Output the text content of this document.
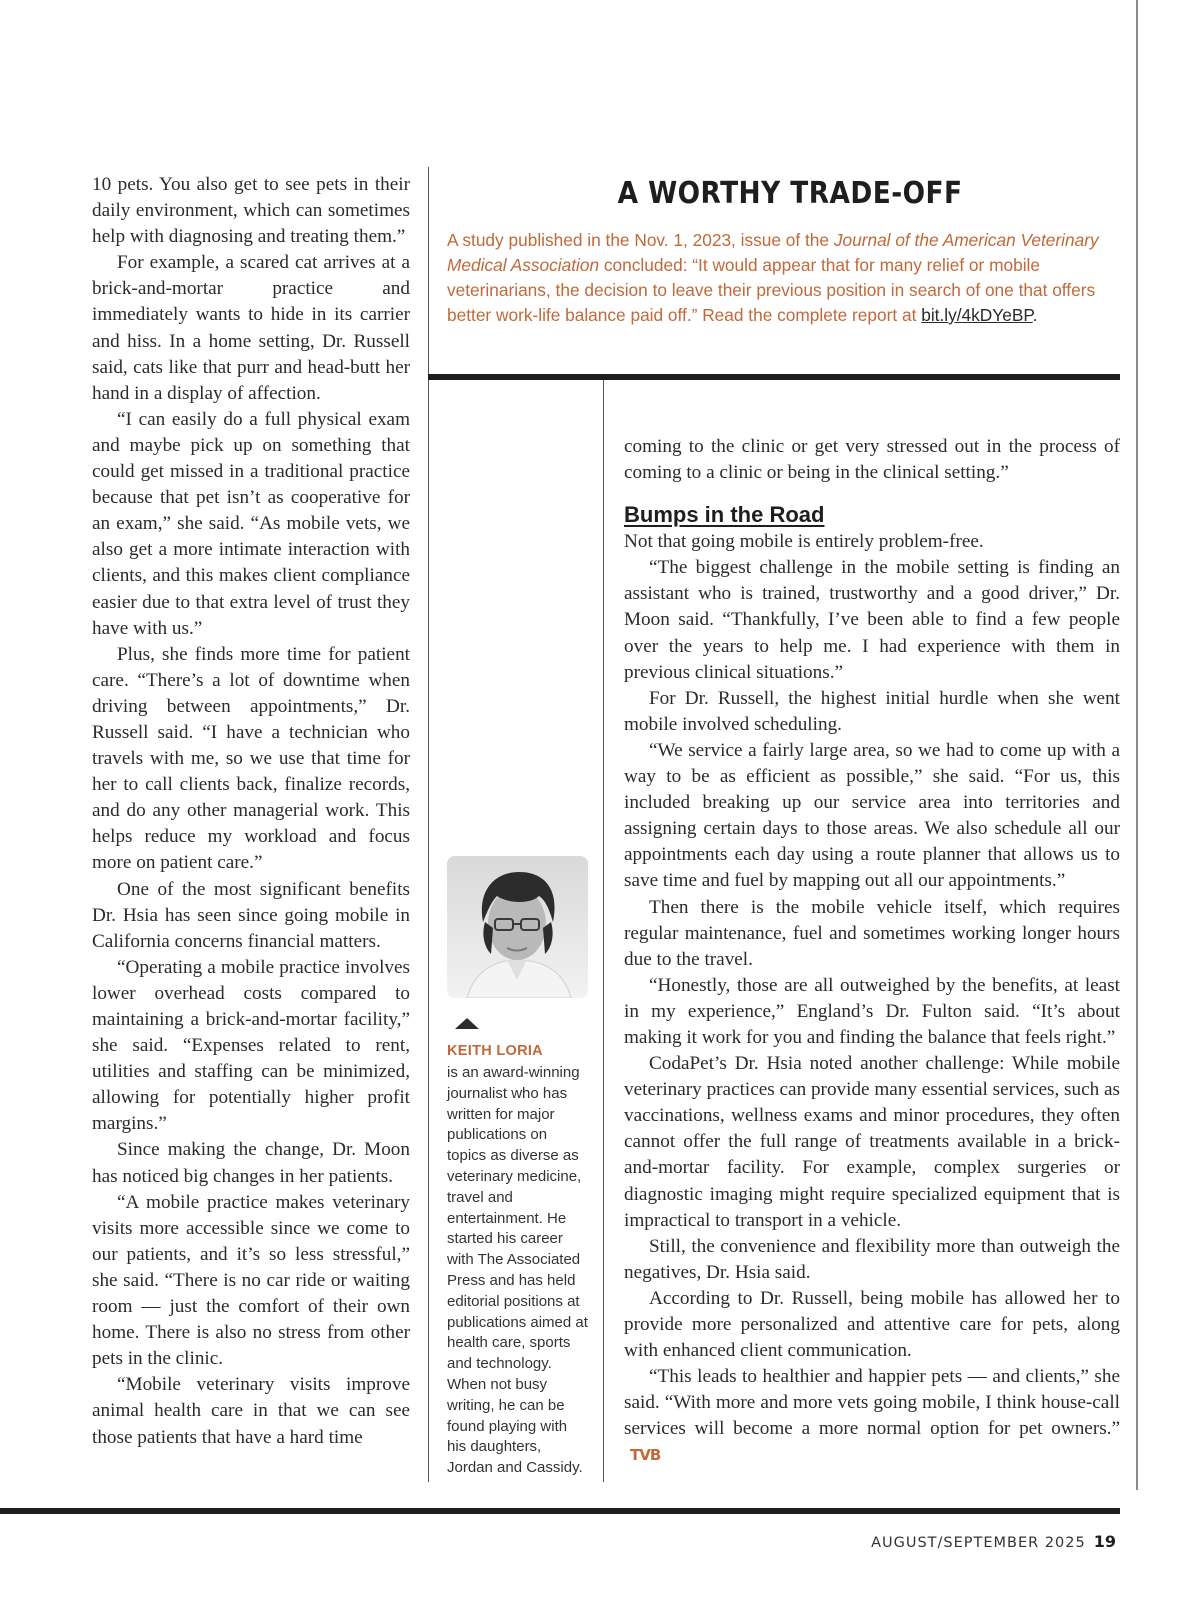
10 pets. You also get to see pets in their daily environment, which can sometimes help with diagnosing and treating them.”

For example, a scared cat arrives at a brick-and-mortar practice and immediately wants to hide in its carrier and hiss. In a home setting, Dr. Russell said, cats like that purr and head-butt her hand in a display of affection.

“I can easily do a full physical exam and maybe pick up on something that could get missed in a traditional practice because that pet isn’t as cooperative for an exam,” she said. “As mobile vets, we also get a more intimate interaction with clients, and this makes client compliance easier due to that extra level of trust they have with us.”

Plus, she finds more time for patient care. “There’s a lot of downtime when driving between appointments,” Dr. Russell said. “I have a technician who travels with me, so we use that time for her to call clients back, finalize records, and do any other managerial work. This helps reduce my workload and focus more on patient care.”

One of the most significant benefits Dr. Hsia has seen since going mobile in California concerns financial matters.

“Operating a mobile practice involves lower overhead costs compared to maintaining a brick-and-mortar facility,” she said. “Expenses related to rent, utilities and staffing can be minimized, allowing for potentially higher profit margins.”

Since making the change, Dr. Moon has noticed big changes in her patients.

“A mobile practice makes veterinary visits more accessible since we come to our patients, and it’s so less stressful,” she said. “There is no car ride or waiting room — just the comfort of their own home. There is also no stress from other pets in the clinic.

“Mobile veterinary visits improve animal health care in that we can see those patients that have a hard time

A WORTHY TRADE-OFF
A study published in the Nov. 1, 2023, issue of the Journal of the American Veterinary Medical Association concluded: “It would appear that for many relief or mobile veterinarians, the decision to leave their previous position in search of one that offers better work-life balance paid off.” Read the complete report at bit.ly/4kDYeBP.
KEITH LORIA
is an award-winning journalist who has written for major publications on topics as diverse as veterinary medicine, travel and entertainment. He started his career with The Associated Press and has held editorial positions at publications aimed at health care, sports and technology. When not busy writing, he can be found playing with his daughters, Jordan and Cassidy.

coming to the clinic or get very stressed out in the process of coming to a clinic or being in the clinical setting.”

Bumps in the Road

Not that going mobile is entirely problem-free.

“The biggest challenge in the mobile setting is finding an assistant who is trained, trustworthy and a good driver,” Dr. Moon said. “Thankfully, I’ve been able to find a few people over the years to help me. I had experience with them in previous clinical situations.”

For Dr. Russell, the highest initial hurdle when she went mobile involved scheduling.

“We service a fairly large area, so we had to come up with a way to be as efficient as possible,” she said. “For us, this included breaking up our service area into territories and assigning certain days to those areas. We also schedule all our appointments each day using a route planner that allows us to save time and fuel by mapping out all our appointments.”

Then there is the mobile vehicle itself, which requires regular maintenance, fuel and sometimes working longer hours due to the travel.

“Honestly, those are all outweighed by the benefits, at least in my experience,” England’s Dr. Fulton said. “It’s about making it work for you and finding the balance that feels right.”

CodaPet’s Dr. Hsia noted another challenge: While mobile veterinary practices can provide many essential services, such as vaccinations, wellness exams and minor procedures, they often cannot offer the full range of treatments available in a brick-and-mortar facility. For example, complex surgeries or diagnostic imaging might require specialized equipment that is impractical to transport in a vehicle.

Still, the convenience and flexibility more than outweigh the negatives, Dr. Hsia said.

According to Dr. Russell, being mobile has allowed her to provide more personalized and attentive care for pets, along with enhanced client communication.

“This leads to healthier and happier pets — and clients,” she said. “With more and more vets going mobile, I think house-call services will become a more normal option for pet owners.”TVB

AUGUST/SEPTEMBER 2025 19
